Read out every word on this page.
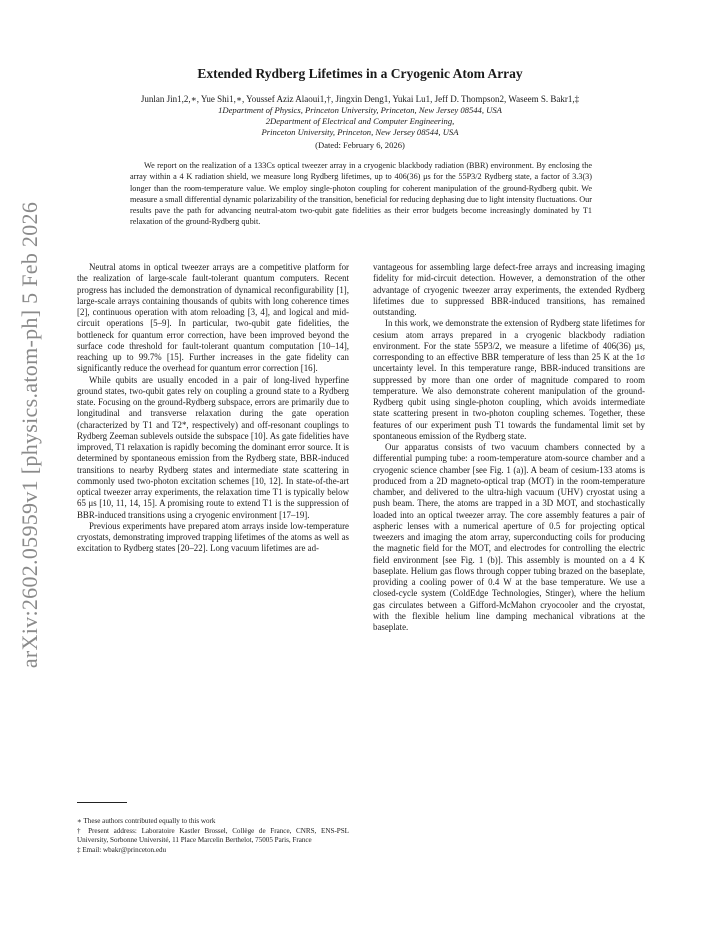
arXiv:2602.05959v1 [physics.atom-ph] 5 Feb 2026
Extended Rydberg Lifetimes in a Cryogenic Atom Array
Junlan Jin1,2,∗, Yue Shi1,∗, Youssef Aziz Alaoui1,†, Jingxin Deng1, Yukai Lu1, Jeff D. Thompson2, Waseem S. Bakr1,‡
1Department of Physics, Princeton University, Princeton, New Jersey 08544, USA
2Department of Electrical and Computer Engineering,
Princeton University, Princeton, New Jersey 08544, USA
(Dated: February 6, 2026)

We report on the realization of a 133Cs optical tweezer array in a cryogenic blackbody radiation (BBR) environment. By enclosing the array within a 4 K radiation shield, we measure long Rydberg lifetimes, up to 406(36) μs for the 55P3/2 Rydberg state, a factor of 3.3(3) longer than the room-temperature value. We employ single-photon coupling for coherent manipulation of the ground-Rydberg qubit. We measure a small differential dynamic polarizability of the transition, beneficial for reducing dephasing due to light intensity fluctuations. Our results pave the path for advancing neutral-atom two-qubit gate fidelities as their error budgets become increasingly dominated by T1 relaxation of the ground-Rydberg qubit.

Neutral atoms in optical tweezer arrays are a competitive platform for the realization of large-scale fault-tolerant quantum computers. Recent progress has included the demonstration of dynamical reconfigurability [1], large-scale arrays containing thousands of qubits with long coherence times [2], continuous operation with atom reloading [3, 4], and logical and mid-circuit operations [5–9]. In particular, two-qubit gate fidelities, the bottleneck for quantum error correction, have been improved beyond the surface code threshold for fault-tolerant quantum computation [10–14], reaching up to 99.7% [15]. Further increases in the gate fidelity can significantly reduce the overhead for quantum error correction [16].

While qubits are usually encoded in a pair of long-lived hyperfine ground states, two-qubit gates rely on coupling a ground state to a Rydberg state. Focusing on the ground-Rydberg subspace, errors are primarily due to longitudinal and transverse relaxation during the gate operation (characterized by T1 and T2*, respectively) and off-resonant couplings to Rydberg Zeeman sublevels outside the subspace [10]. As gate fidelities have improved, T1 relaxation is rapidly becoming the dominant error source. It is determined by spontaneous emission from the Rydberg state, BBR-induced transitions to nearby Rydberg states and intermediate state scattering in commonly used two-photon excitation schemes [10, 12]. In state-of-the-art optical tweezer array experiments, the relaxation time T1 is typically below 65 μs [10, 11, 14, 15]. A promising route to extend T1 is the suppression of BBR-induced transitions using a cryogenic environment [17–19].

Previous experiments have prepared atom arrays inside low-temperature cryostats, demonstrating improved trapping lifetimes of the atoms as well as excitation to Rydberg states [20–22]. Long vacuum lifetimes are ad-

vantageous for assembling large defect-free arrays and increasing imaging fidelity for mid-circuit detection. However, a demonstration of the other advantage of cryogenic tweezer array experiments, the extended Rydberg lifetimes due to suppressed BBR-induced transitions, has remained outstanding.

In this work, we demonstrate the extension of Rydberg state lifetimes for cesium atom arrays prepared in a cryogenic blackbody radiation environment. For the state 55P3/2, we measure a lifetime of 406(36) μs, corresponding to an effective BBR temperature of less than 25 K at the 1σ uncertainty level. In this temperature range, BBR-induced transitions are suppressed by more than one order of magnitude compared to room temperature. We also demonstrate coherent manipulation of the ground-Rydberg qubit using single-photon coupling, which avoids intermediate state scattering present in two-photon coupling schemes. Together, these features of our experiment push T1 towards the fundamental limit set by spontaneous emission of the Rydberg state.

Our apparatus consists of two vacuum chambers connected by a differential pumping tube: a room-temperature atom-source chamber and a cryogenic science chamber [see Fig. 1 (a)]. A beam of cesium-133 atoms is produced from a 2D magneto-optical trap (MOT) in the room-temperature chamber, and delivered to the ultra-high vacuum (UHV) cryostat using a push beam. There, the atoms are trapped in a 3D MOT, and stochastically loaded into an optical tweezer array. The core assembly features a pair of aspheric lenses with a numerical aperture of 0.5 for projecting optical tweezers and imaging the atom array, superconducting coils for producing the magnetic field for the MOT, and electrodes for controlling the electric field environment [see Fig. 1 (b)]. This assembly is mounted on a 4 K baseplate. Helium gas flows through copper tubing brazed on the baseplate, providing a cooling power of 0.4 W at the base temperature. We use a closed-cycle system (ColdEdge Technologies, Stinger), where the helium gas circulates between a Gifford-McMahon cryocooler and the cryostat, with the flexible helium line damping mechanical vibrations at the baseplate.

∗ These authors contributed equally to this work

† Present address: Laboratoire Kastler Brossel, Collège de France, CNRS, ENS-PSL University, Sorbonne Université, 11 Place Marcelin Berthelot, 75005 Paris, France

‡ Email: wbakr@princeton.edu
